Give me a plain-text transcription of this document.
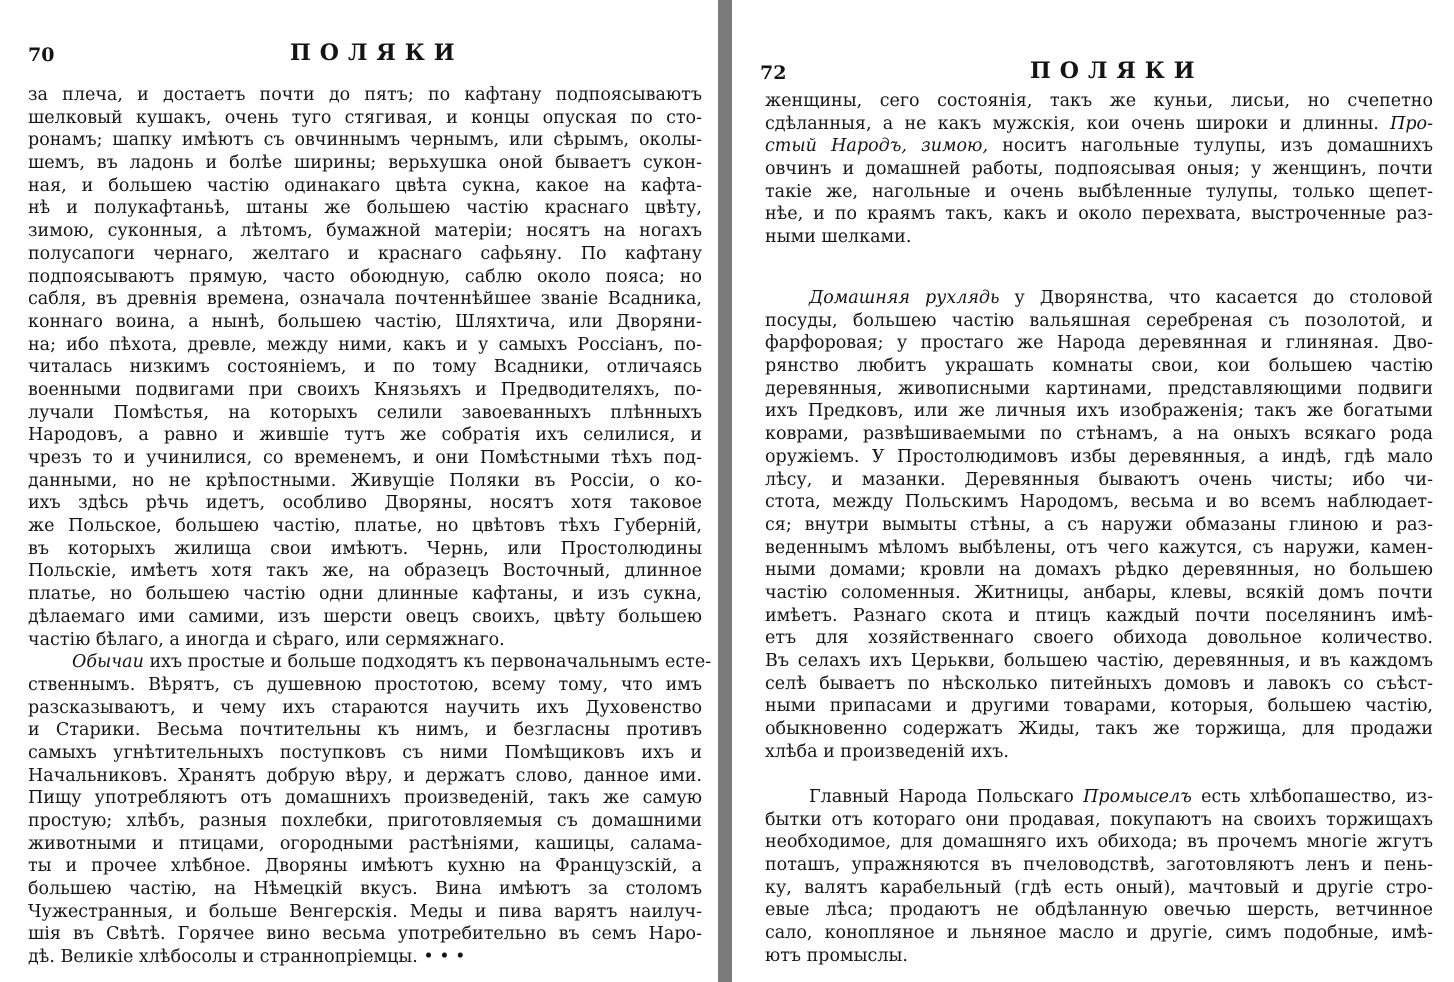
70	ПОЛЯКИ
за плеча, и достаетъ почти до пятъ; по кафтану подпоясываютъ
шелковый кушакъ, очень туго стягивая, и концы опуская по сто-
ронамъ; шапку имѣютъ съ овчиннымъ чернымъ, или сѣрымъ, околы-
шемъ, въ ладонь и болѣе ширины; верьхушка оной бываетъ сукон-
ная, и большею частію одинакаго цвѣта сукна, какое на кафта-
нѣ и полукафтаньѣ, штаны же большею частію краснаго цвѣту,
зимою, суконныя, а лѣтомъ, бумажной матеріи; носятъ на ногахъ
полусапоги чернаго, желтаго и краснаго сафьяну. По кафтану
подпоясываютъ прямую, часто обоюдную, саблю около пояса; но
сабля, въ древнія времена, означала почтеннѣйшее званіе Всадника,
коннаго воина, а нынѣ, большею частію, Шляхтича, или Дворяни-
на; ибо пѣхота, древле, между ними, какъ и у самыхъ Россіанъ, по-
читалась низкимъ состояніемъ, и по тому Всадники, отличаясь
военными подвигами при своихъ Князьяхъ и Предводителяхъ, по-
лучали Помѣстья, на которыхъ селили завоеванныхъ плѣнныхъ
Народовъ, а равно и жившіе тутъ же собратія ихъ селилися, и
чрезъ то и учинилися, со временемъ, и они Помѣстными тѣхъ под-
данными, но не крѣпостными. Живущіе Поляки въ Россіи, о ко-
ихъ здѣсь рѣчь идетъ, особливо Дворяны, носятъ хотя таковое
же Польское, большею частію, платье, но цвѣтовъ тѣхъ Губерній,
въ которыхъ жилища свои имѣютъ. Чернь, или Простолюдины
Польскіе, имѣетъ хотя такъ же, на образецъ Восточный, длинное
платье, но большею частію одни длинные кафтаны, и изъ сукна,
дѣлаемаго ими самими, изъ шерсти овецъ своихъ, цвѣту большею
частію бѣлаго, а иногда и сѣраго, или сермяжнаго.
Обычаи ихъ простые и больше подходятъ къ первоначальнымъ есте-
ственнымъ. Вѣрятъ, съ душевною простотою, всему тому, что имъ
разсказываютъ, и чему ихъ стараются научить ихъ Духовенство
и Старики. Весьма почтительны къ нимъ, и безгласны противъ
самыхъ угнѣтительныхъ поступковъ съ ними Помѣщиковъ ихъ и
Начальниковъ. Хранятъ добрую вѣру, и держатъ слово, данное ими.
Пищу употребляютъ отъ домашнихъ произведеній, такъ же самую
простую; хлѣбъ, разныя похлебки, приготовляемыя съ домашними
животными и птицами, огородными растѣніями, кашицы, салама-
ты и прочее хлѣбное. Дворяны имѣютъ кухню на Французскій, а
большею частію, на Нѣмецкій вкусъ. Вина имѣютъ за столомъ
Чужестранныя, и больше Венгерскія. Меды и пива варятъ наилуч-
шія въ Свѣтѣ. Горячее вино весьма употребительно въ семъ Наро-
дѣ. Великіе хлѣбосолы и страннопріемцы. • • •
72	ПОЛЯКИ
женщины, сего состоянія, такъ же куньи, лисьи, но счепетно
сдѣланныя, а не какъ мужскія, кои очень широки и длинны. Про-
стый Народъ, зимою, носитъ нагольные тулупы, изъ домашнихъ
овчинъ и домашней работы, подпоясывая оныя; у женщинъ, почти
такіе же, нагольные и очень выбѣленные тулупы, только щепет-
нѣе, и по краямъ такъ, какъ и около перехвата, выстроченные раз-
ными шелками.
Домашняя рухлядь у Дворянства, что касается до столовой
посуды, большею частію вальяшная серебреная съ позолотой, и
фарфоровая; у простаго же Народа деревянная и глиняная. Дво-
рянство любитъ украшать комнаты свои, кои большею частію
деревянныя, живописными картинами, представляющими подвиги
ихъ Предковъ, или же личныя ихъ изображенія; такъ же богатыми
коврами, развѣшиваемыми по стѣнамъ, а на оныхъ всякаго рода
оружіемъ. У Простолюдимовъ избы деревянныя, а индѣ, гдѣ мало
лѣсу, и мазанки. Деревянныя бываютъ очень чисты; ибо чи-
стота, между Польскимъ Народомъ, весьма и во всемъ наблюдает-
ся; внутри вымыты стѣны, а съ наружи обмазаны глиною и раз-
веденнымъ мѣломъ выбѣлены, отъ чего кажутся, съ наружи, камен-
ными домами; кровли на домахъ рѣдко деревянныя, но большею
частію соломенныя. Житницы, анбары, клевы, всякій домъ почти
имѣетъ. Разнаго скота и птицъ каждый почти поселянинъ имѣ-
етъ для хозяйственнаго своего обихода довольное количество.
Въ селахъ ихъ Церькви, большею частію, деревянныя, и въ каждомъ
селѣ бываетъ по нѣсколько питейныхъ домовъ и лавокъ со съѣст-
ными припасами и другими товарами, которыя, большею частію,
обыкновенно содержатъ Жиды, такъ же торжища, для продажи
хлѣба и произведеній ихъ.
Главный Народа Польскаго Промыселъ есть хлѣбопашество, из-
бытки отъ котораго они продавая, покупаютъ на своихъ торжищахъ
необходимое, для домашняго ихъ обихода; въ прочемъ многіе жгутъ
поташъ, упражняются въ пчеловодствѣ, заготовляютъ ленъ и пень-
ку, валятъ карабельный (гдѣ есть оный), мачтовый и другіе стро-
евые лѣса; продаютъ не обдѣланную овечью шерсть, ветчинное
сало, конопляное и льняное масло и другіе, симъ подобные, имѣ-
ютъ промыслы.
